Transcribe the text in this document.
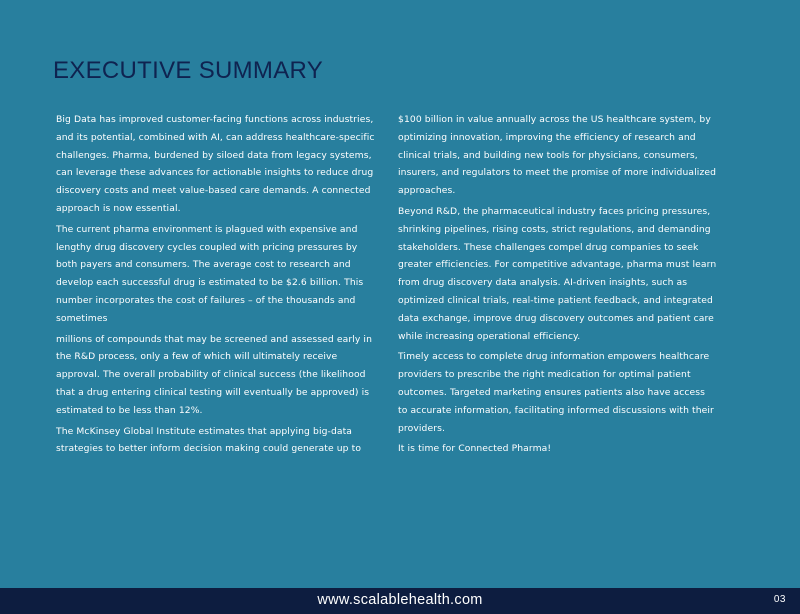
EXECUTIVE SUMMARY

Big Data has improved customer-facing functions across industries,
and its potential, combined with AI, can address healthcare-specific
challenges. Pharma, burdened by siloed data from legacy systems,
can leverage these advances for actionable insights to reduce drug
discovery costs and meet value-based care demands. A connected
approach is now essential.

The current pharma environment is plagued with expensive and
lengthy drug discovery cycles coupled with pricing pressures by
both payers and consumers. The average cost to research and
develop each successful drug is estimated to be $2.6 billion. This
number incorporates the cost of failures – of the thousands and
sometimes

millions of compounds that may be screened and assessed early in
the R&D process, only a few of which will ultimately receive
approval. The overall probability of clinical success (the likelihood
that a drug entering clinical testing will eventually be approved) is
estimated to be less than 12%.

The McKinsey Global Institute estimates that applying big-data
strategies to better inform decision making could generate up to

$100 billion in value annually across the US healthcare system, by
optimizing innovation, improving the efficiency of research and
clinical trials, and building new tools for physicians, consumers,
insurers, and regulators to meet the promise of more individualized
approaches.

Beyond R&D, the pharmaceutical industry faces pricing pressures,
shrinking pipelines, rising costs, strict regulations, and demanding
stakeholders. These challenges compel drug companies to seek
greater efficiencies. For competitive advantage, pharma must learn
from drug discovery data analysis. AI-driven insights, such as
optimized clinical trials, real-time patient feedback, and integrated
data exchange, improve drug discovery outcomes and patient care
while increasing operational efficiency.

Timely access to complete drug information empowers healthcare
providers to prescribe the right medication for optimal patient
outcomes. Targeted marketing ensures patients also have access
to accurate information, facilitating informed discussions with their
providers.

It is time for Connected Pharma!

www.scalablehealth.com	03
